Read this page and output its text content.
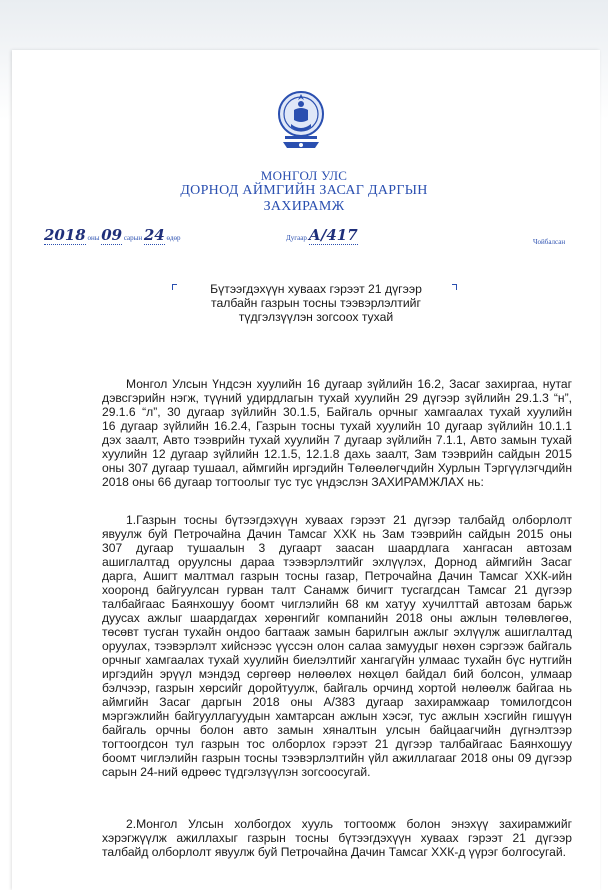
МОНГОЛ УЛС
ДОРНОД АЙМГИЙН ЗАСАГ ДАРГЫН
ЗАХИРАМЖ
2018 оны 09 сарын 24 өдөр	Дугаар А/417	Чойбалсан
Бүтээгдэхүүн хуваах гэрээт 21 дүгээр
талбайн газрын тосны тээвэрлэлтийг
түдгэлзүүлэн зогсоох тухай
Монгол Улсын Үндсэн хуулийн 16 дугаар зүйлийн 16.2, Засаг захиргаа, нутаг
дэвсгэрийн нэгж, түүний удирдлагын тухай хуулийн 29 дүгээр зүйлийн 29.1.3 “н”,
29.1.6 “л”, 30 дугаар зүйлийн 30.1.5, Байгаль орчныг хамгаалах тухай хуулийн
16 дугаар зүйлийн 16.2.4, Газрын тосны тухай хуулийн 10 дугаар зүйлийн 10.1.1
дэх заалт, Авто тээврийн тухай хуулийн 7 дугаар зүйлийн 7.1.1, Авто замын тухай
хуулийн 12 дугаар зүйлийн 12.1.5, 12.1.8 дахь заалт, Зам тээврийн сайдын 2015
оны 307 дугаар тушаал, аймгийн иргэдийн Төлөөлөгчдийн Хурлын Тэргүүлэгчдийн
2018 оны 66 дугаар тогтоолыг тус тус үндэслэн ЗАХИРАМЖЛАХ нь:
1.Газрын тосны бүтээгдэхүүн хуваах гэрээт 21 дүгээр талбайд олборлолт
явуулж буй Петрочайна Дачин Тамсаг ХХК нь Зам тээврийн сайдын 2015 оны
307 дугаар тушаалын 3 дугаарт заасан шаардлага хангасан автозам
ашиглалтад оруулсны дараа тээвэрлэлтийг эхлүүлэх, Дорнод аймгийн Засаг
дарга, Ашигт малтмал газрын тосны газар, Петрочайна Дачин Тамсаг ХХК-ийн
хооронд байгуулсан гурван талт Санамж бичигт тусгагдсан Тамсаг 21 дүгээр
талбайгаас Баянхошуу боомт чиглэлийн 68 км хатуу хучилттай автозам барьж
дуусах ажлыг шаардагдах хөрөнгийг компанийн 2018 оны ажлын төлөвлөгөө,
төсөвт тусган тухайн ондоо багтааж замын барилгын ажлыг эхлүүлж ашиглалтад
оруулах, тээвэрлэлт хийснээс үүссэн олон салаа замуудыг нөхөн сэргээж байгаль
орчныг хамгаалах тухай хуулийн биелэлтийг хангагүйн улмаас тухайн бүс нутгийн
иргэдийн эрүүл мэндэд сөргөөр нөлөөлөх нөхцөл байдал бий болсон, улмаар
бэлчээр, газрын хөрсийг доройтуулж, байгаль орчинд хортой нөлөөлж байгаа нь
аймгийн Засаг даргын 2018 оны А/383 дугаар захирамжаар томилогдсон
мэргэжлийн байгууллагуудын хамтарсан ажлын хэсэг, тус ажлын хэсгийн гишүүн
байгаль орчны болон авто замын хяналтын улсын байцаагчийн дүгнэлтээр
тогтоогдсон тул газрын тос олборлох гэрээт 21 дүгээр талбайгаас Баянхошуу
боомт чиглэлийн газрын тосны тээвэрлэлтийн үйл ажиллагааг 2018 оны 09 дүгээр
сарын 24-ний өдрөөс түдгэлзүүлэн зогсоосугай.
2.Монгол Улсын холбогдох хууль тогтоомж болон энэхүү захирамжийг
хэрэгжүүлж ажиллахыг газрын тосны бүтээгдэхүүн хуваах гэрээт 21 дүгээр
талбайд олборлолт явуулж буй Петрочайна Дачин Тамсаг ХХК-д үүрэг болгосугай.
